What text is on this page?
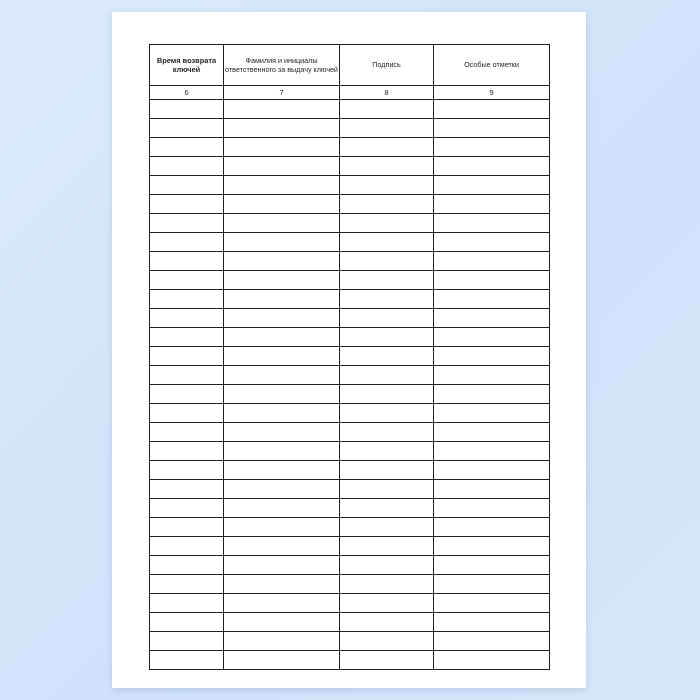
Время возврата ключей	Фамилия и инициалы ответственного за выдачу ключей	Подпись	Особые отметки
6	7	8	9
